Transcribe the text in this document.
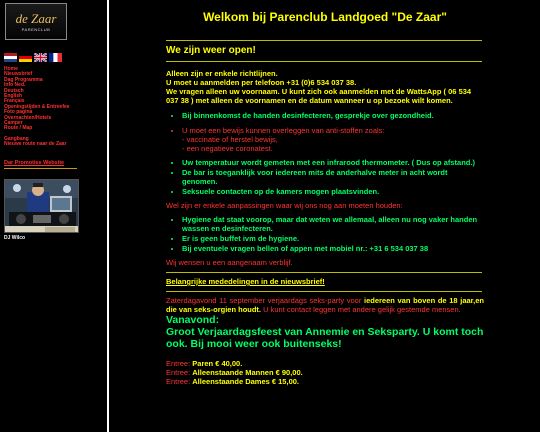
de Zaar
PARENCLUB
Home
Nieuwsbrief
Dag Programma
Info Ned.
Deutsch
English
Français
Openingstijden & Entreefee
Foto pagina
Overnachten/Hotels
Camper
Route / Map
Gangbang
Nieuwe route naar de Zaar
Dar Promoties Website
DJ Wilco
Welkom bij Parenclub Landgoed "De Zaar"
We zijn weer open!

Alleen zijn er enkele richtlijnen.

U moet u aanmelden per telefoon +31 (0)6 534 037 38.

We vragen alleen uw voornaam. U kunt zich ook aanmelden met de WattsApp ( 06 534 037 38 ) met alleen de voornamen en de datum wanneer u op bezoek wilt komen.

• Bij binnenkomst de handen desinfecteren, gesprekje over gezondheid.
• U moet een bewijs kunnen overleggen van anti-stoffen zoals:
- vaccinatie of herstel bewijs,
- een negatieve coronatest.
• Uw temperatuur wordt gemeten met een infrarood thermometer. ( Dus op afstand.)
• De bar is toeganklijk voor iedereen mits de anderhalve meter in acht wordt genomen.
• Seksuele contacten op de kamers mogen plaatsvinden.

Wel zijn er enkele aanpassingen waar wij ons nog aan moeten houden:

• Hygiene dat staat voorop, maar dat weten we allemaal, alleen nu nog vaker handen wassen en desinfecteren.
• Er is geen buffet ivm de hygiene.
• Bij eventuele vragen bellen of appen met mobiel nr.: +31 6 534 037 38

Wij wensen u een aangenaam verblijf.

Belangrijke mededelingen in de nieuwsbrief!

Zaterdagavond 11 september verjaardags seks-party voor iedereen van boven de 18 jaar,en die van seks-orgien houdt. U kunt contact leggen met andere gelijk gestemde mensen.

Vanavond:

Groot Verjaardagsfeest van Annemie en Seksparty. U komt toch ook. Bij mooi weer ook buitenseks!

Entree: Paren € 40,00.

Entree: Alleenstaande Mannen € 90,00.

Entree: Alleenstaande Dames € 15,00.
